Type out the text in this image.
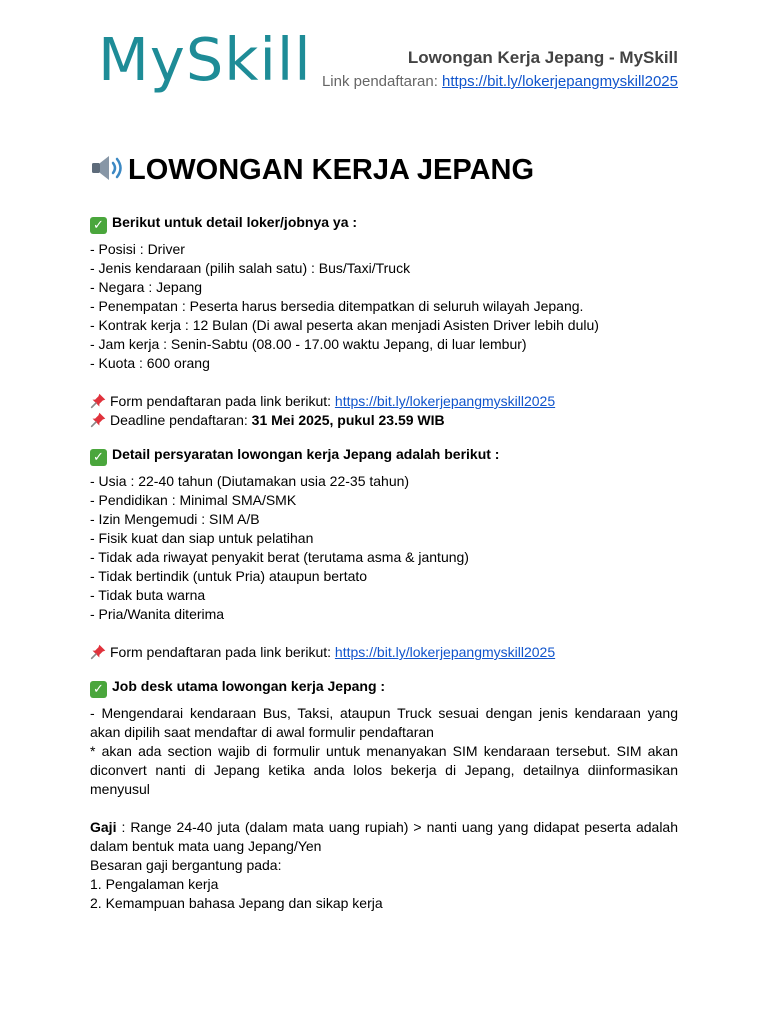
MySkill	Lowongan Kerja Jepang - MySkill
Link pendaftaran: https://bit.ly/lokerjepangmyskill2025
LOWONGAN KERJA JEPANG
✓ Berikut untuk detail loker/jobnya ya :
- Posisi : Driver
- Jenis kendaraan (pilih salah satu) : Bus/Taxi/Truck
- Negara : Jepang
- Penempatan : Peserta harus bersedia ditempatkan di seluruh wilayah Jepang.
- Kontrak kerja : 12 Bulan (Di awal peserta akan menjadi Asisten Driver lebih dulu)
- Jam kerja : Senin-Sabtu (08.00 - 17.00 waktu Jepang, di luar lembur)
- Kuota : 600 orang
Form pendaftaran pada link berikut: https://bit.ly/lokerjepangmyskill2025
Deadline pendaftaran: 31 Mei 2025, pukul 23.59 WIB
✓ Detail persyaratan lowongan kerja Jepang adalah berikut :
- Usia : 22-40 tahun (Diutamakan usia 22-35 tahun)
- Pendidikan : Minimal SMA/SMK
- Izin Mengemudi : SIM A/B
- Fisik kuat dan siap untuk pelatihan
- Tidak ada riwayat penyakit berat (terutama asma & jantung)
- Tidak bertindik (untuk Pria) ataupun bertato
- Tidak buta warna
- Pria/Wanita diterima
Form pendaftaran pada link berikut: https://bit.ly/lokerjepangmyskill2025
✓ Job desk utama lowongan kerja Jepang :
- Mengendarai kendaraan Bus, Taksi, ataupun Truck sesuai dengan jenis kendaraan yang akan dipilih saat mendaftar di awal formulir pendaftaran
* akan ada section wajib di formulir untuk menanyakan SIM kendaraan tersebut. SIM akan diconvert nanti di Jepang ketika anda lolos bekerja di Jepang, detailnya diinformasikan menyusul
Gaji : Range 24-40 juta (dalam mata uang rupiah) > nanti uang yang didapat peserta adalah dalam bentuk mata uang Jepang/Yen
Besaran gaji bergantung pada:
1. Pengalaman kerja
2. Kemampuan bahasa Jepang dan sikap kerja
